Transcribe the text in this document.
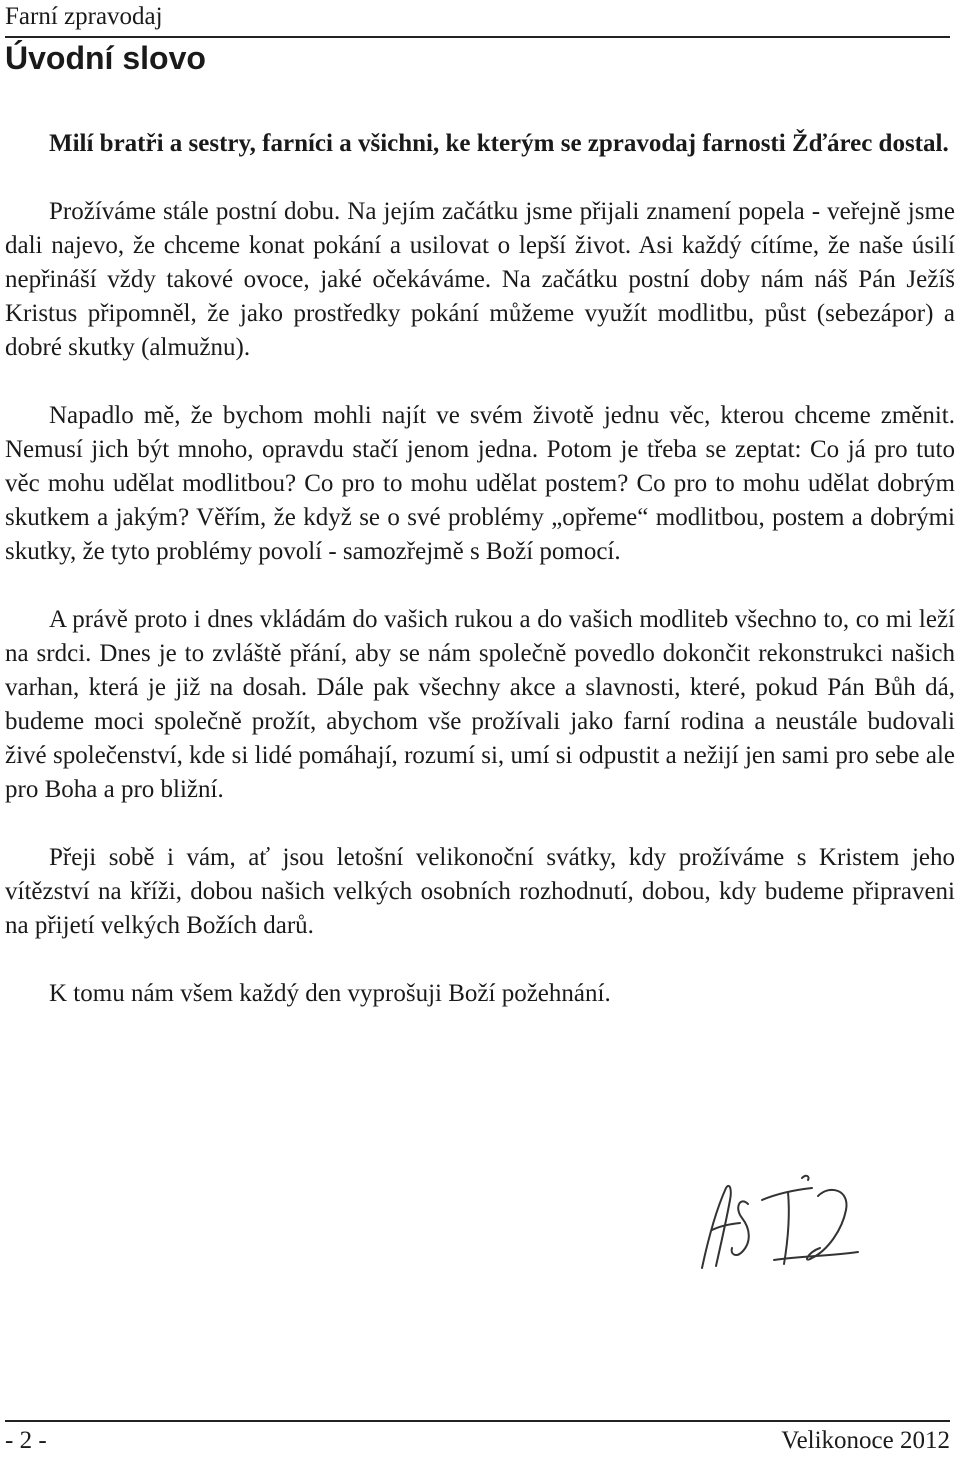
Farní zpravodaj
Úvodní slovo

Milí bratři a sestry, farníci a všichni, ke kterým se zpravodaj farnosti Žďárec dostal.

Prožíváme stále postní dobu. Na jejím začátku jsme přijali znamení popela - veřejně jsme dali najevo, že chceme konat pokání a usilovat o lepší život. Asi každý cítíme, že naše úsilí nepřináší vždy takové ovoce, jaké očekáváme. Na začátku postní doby nám náš Pán Ježíš Kristus připomněl, že jako prostředky pokání můžeme využít modlitbu, půst (sebezápor) a dobré skutky (almužnu).

Napadlo mě, že bychom mohli najít ve svém životě jednu věc, kterou chceme změnit. Nemusí jich být mnoho, opravdu stačí jenom jedna. Potom je třeba se zeptat: Co já pro tuto věc mohu udělat modlitbou? Co pro to mohu udělat postem? Co pro to mohu udělat dobrým skutkem a jakým? Věřím, že když se o své problémy „opřeme“ modlitbou, postem a dobrými skutky, že tyto problémy povolí - samozřejmě s Boží pomocí.

A právě proto i dnes vkládám do vašich rukou a do vašich modliteb všechno to, co mi leží na srdci. Dnes je to zvláště přání, aby se nám společně povedlo dokončit rekonstrukci našich varhan, která je již na dosah. Dále pak všechny akce a slavnosti, které, pokud Pán Bůh dá, budeme moci společně prožít, abychom vše prožívali jako farní rodina a neustále budovali živé společenství, kde si lidé pomáhají, rozumí si, umí si odpustit a nežijí jen sami pro sebe ale pro Boha a pro bližní.

Přeji sobě i vám, ať jsou letošní velikonoční svátky, kdy prožíváme s Kristem jeho vítězství na kříži, dobou našich velkých osobních rozhodnutí, dobou, kdy budeme připraveni na přijetí velkých Božích darů.

K tomu nám všem každý den vyprošuji Boží požehnání.

- 2 -	Velikonoce 2012
